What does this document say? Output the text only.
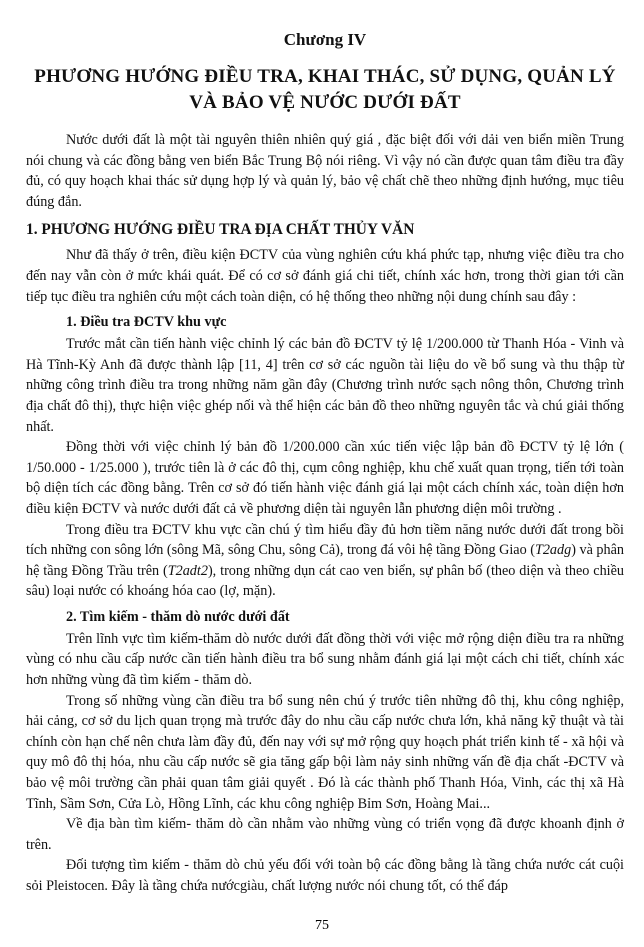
Chương IV
PHƯƠNG HƯỚNG ĐIỀU TRA, KHAI THÁC, SỬ DỤNG, QUẢN LÝ
VÀ BẢO VỆ NƯỚC DƯỚI ĐẤT

Nước dưới đất là một tài nguyên thiên nhiên quý giá , đặc biệt đối với dải ven biển miền Trung nói chung và các đồng bằng ven biển Bắc Trung Bộ nói riêng. Vì vậy nó cần được quan tâm điều tra đầy đủ, có quy hoạch khai thác sử dụng hợp lý và quản lý, bảo vệ chất chẽ theo những định hướng, mục tiêu đúng đắn.

1. PHƯƠNG HƯỚNG ĐIỀU TRA ĐỊA CHẤT THỦY VĂN

Như đã thấy ở trên, điều kiện ĐCTV của vùng nghiên cứu khá phức tạp, nhưng việc điều tra cho đến nay vẫn còn ở mức khái quát. Để có cơ sở đánh giá chi tiết, chính xác hơn, trong thời gian tới cần tiếp tục điều tra nghiên cứu một cách toàn diện, có hệ thống theo những nội dung chính sau đây :

1. Điều tra ĐCTV khu vực

Trước mắt cần tiến hành việc chỉnh lý các bản đồ ĐCTV tỷ lệ 1/200.000 từ Thanh Hóa - Vinh và Hà Tĩnh-Kỳ Anh đã được thành lập [11, 4] trên cơ sở các nguồn tài liệu do về bổ sung và thu thập từ những công trình điều tra trong những năm gần đây (Chương trình nước sạch nông thôn, Chương trình địa chất đô thị), thực hiện việc ghép nối và thể hiện các bản đồ theo những nguyên tắc và chú giải thống nhất.

Đồng thời với việc chỉnh lý bản đồ 1/200.000 cần xúc tiến việc lập bản đồ ĐCTV tỷ lệ lớn ( 1/50.000 - 1/25.000 ), trước tiên là ở các đô thị, cụm công nghiệp, khu chế xuất quan trọng, tiến tới toàn bộ diện tích các đồng bằng. Trên cơ sở đó tiến hành việc đánh giá lại một cách chính xác, toàn diện hơn điều kiện ĐCTV và nước dưới đất cả về phương diện tài nguyên lẫn phương diện môi trường .

Trong điều tra ĐCTV khu vực cần chú ý tìm hiểu đầy đủ hơn tiềm năng nước dưới đất trong bồi tích những con sông lớn (sông Mã, sông Chu, sông Cả), trong đá vôi hệ tầng Đồng Giao (T2adg) và phân hệ tầng Đồng Trầu trên (T2adt2), trong những dụn cát cao ven biển, sự phân bố (theo diện và theo chiều sâu) loại nước có khoáng hóa cao (lợ, mặn).

2. Tìm kiếm - thăm dò nước dưới đất

Trên lĩnh vực tìm kiếm-thăm dò nước dưới đất đồng thời với việc mở rộng diện điều tra ra những vùng có nhu cầu cấp nước cần tiến hành điều tra bổ sung nhằm đánh giá lại một cách chi tiết, chính xác hơn những vùng đã tìm kiếm - thăm dò.

Trong số những vùng cần điều tra bổ sung nên chú ý trước tiên những đô thị, khu công nghiệp, hải cảng, cơ sở du lịch quan trọng mà trước đây do nhu cầu cấp nước chưa lớn, khả năng kỹ thuật và tài chính còn hạn chế nên chưa làm đầy đủ, đến nay với sự mở rộng quy hoạch phát triển kinh tế - xã hội và quy mô đô thị hóa, nhu cầu cấp nước sẽ gia tăng gấp bội làm nảy sinh những vấn đề địa chất -ĐCTV và bảo vệ môi trường cần phải quan tâm giải quyết . Đó là các thành phố Thanh Hóa, Vinh, các thị xã Hà Tĩnh, Sầm Sơn, Cửa Lò, Hồng Lĩnh, các khu công nghiệp Bỉm Sơn, Hoàng Mai...

Về địa bàn tìm kiếm- thăm dò cần nhằm vào những vùng có triển vọng đã được khoanh định ở trên.

Đối tượng tìm kiếm - thăm dò chủ yếu đối với toàn bộ các đồng bằng là tầng chứa nước cát cuội sỏi Pleistocen. Đây là tầng chứa nướcgiàu, chất lượng nước nói chung tốt, có thể đáp

75
